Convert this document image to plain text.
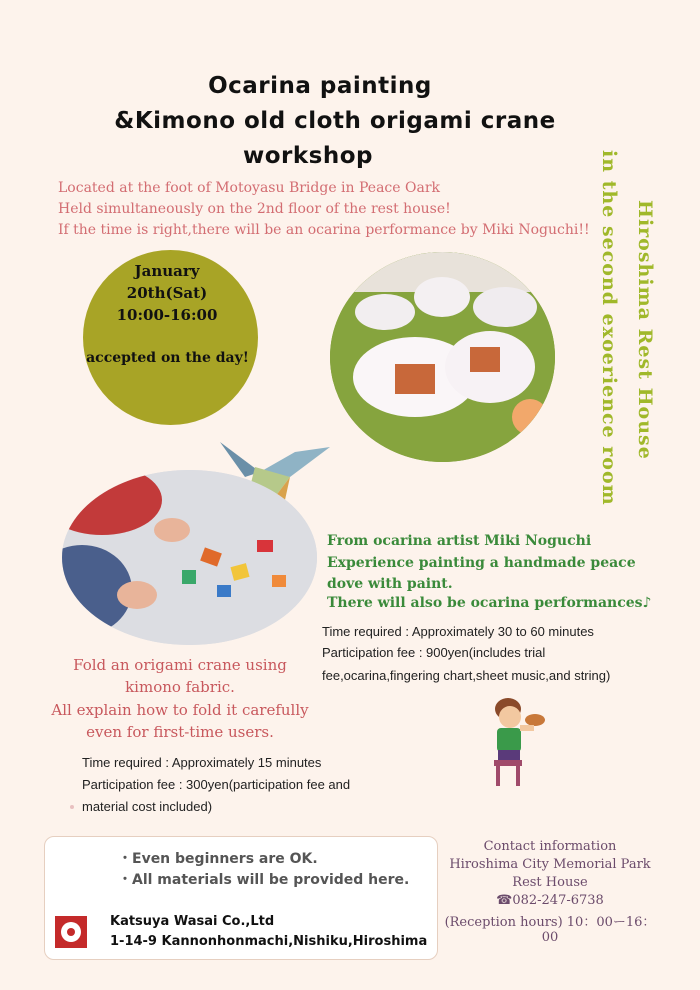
Ocarina painting
&Kimono old cloth origami crane
workshop
Located at the foot of Motoyasu Bridge in Peace Oark
Held simultaneously on the 2nd floor of the rest house!
If the time is right,there will be an ocarina performance by Miki Noguchi!!
January
20th(Sat)
10:00-16:00
accepted on the day!	Hiroshima Rest House
in the second exoerience room
From ocarina artist Miki Noguchi
Experience painting a handmade peace
dove with paint.
There will also be ocarina performances♪
Time required : Approximately 30 to 60 minutes
Participation fee : 900yen(includes trial
fee,ocarina,fingering chart,sheet music,and string)
Fold an origami crane using
kimono fabric.
All explain how to fold it carefully
even for first-time users.
Time required : Approximately 15 minutes
Participation fee : 300yen(participation fee and
material cost included)
・Even beginners are OK.
・All materials will be provided here.
Katsuya Wasai Co.,Ltd
1-14-9 Kannonhonmachi,Nishiku,Hiroshima
Contact information
Hiroshima City Memorial Park
Rest House
☎082-247-6738
(Reception hours) 10：00ー16：00
